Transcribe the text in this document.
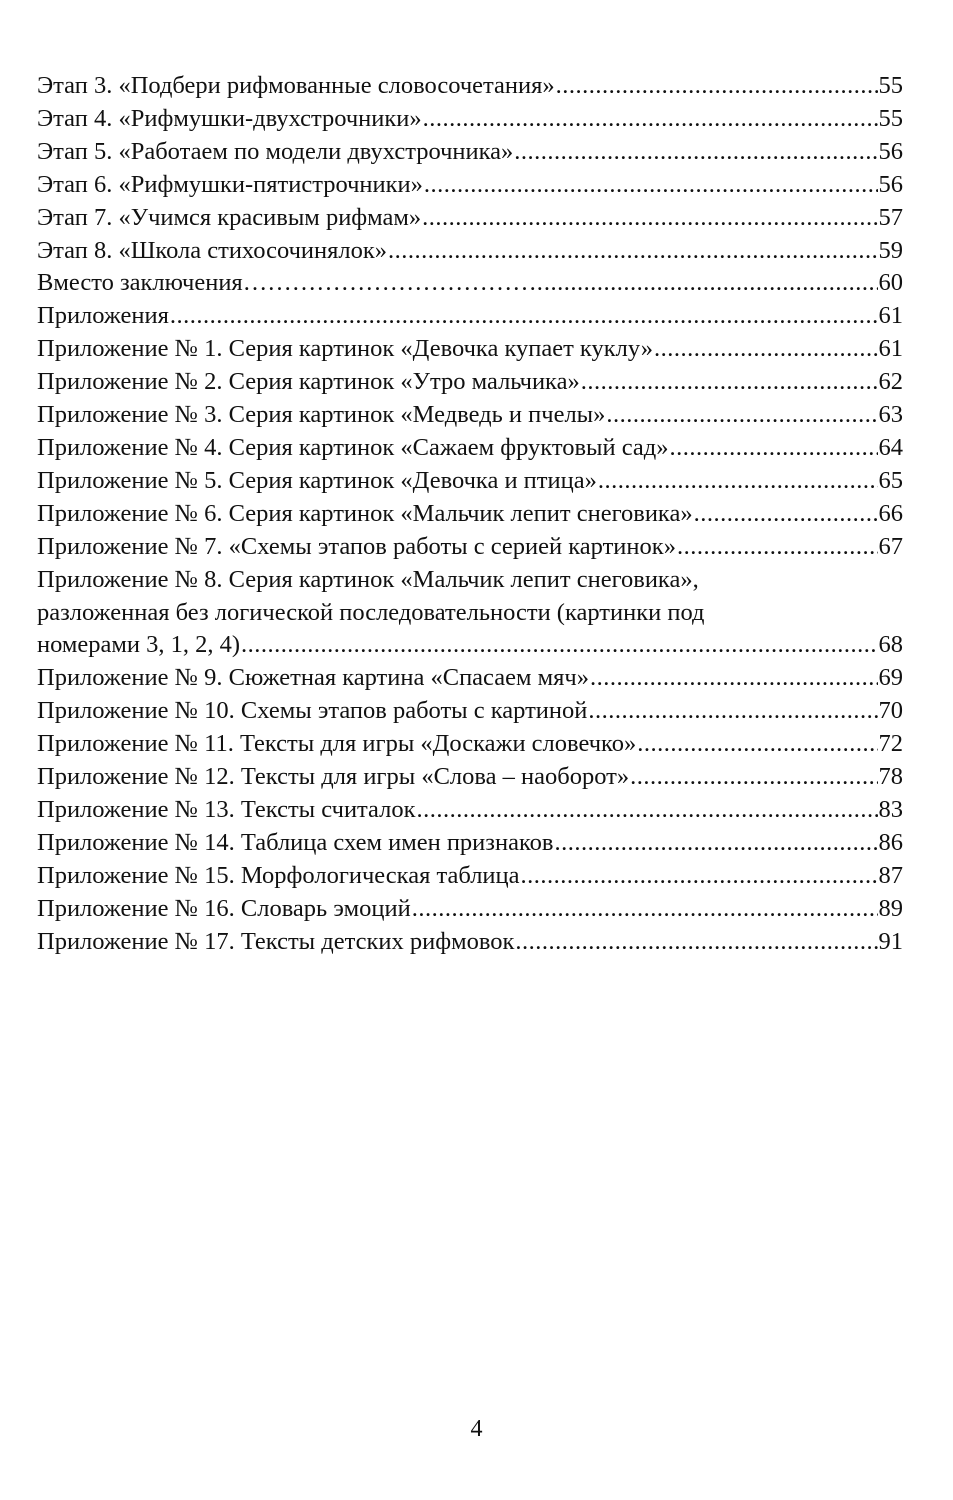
Этап 3. «Подбери рифмованные словосочетания» .....	55
Этап 4. «Рифмушки-двухстрочники» .....	55
Этап 5. «Работаем по модели двухстрочника» .....	56
Этап 6. «Рифмушки-пятистрочники» .....	56
Этап 7. «Учимся красивым рифмам» .....	57
Этап 8. «Школа стихосочинялок» .....	59
Вместо заключения………………………………. .....	60
Приложения .....	61
Приложение № 1. Серия картинок «Девочка купает куклу» .....	61
Приложение № 2. Серия картинок «Утро мальчика» .....	62
Приложение № 3. Серия картинок «Медведь и пчелы» .....	63
Приложение № 4. Серия картинок «Сажаем фруктовый сад» .....	64
Приложение № 5. Серия картинок «Девочка и птица» .....	65
Приложение № 6. Серия картинок «Мальчик лепит снеговика» .....	66
Приложение № 7. «Схемы этапов работы с серией картинок» .....	67
Приложение № 8. Серия картинок «Мальчик лепит снеговика»,
разложенная без логической последовательности (картинки под
номерами 3, 1, 2, 4) .....	68
Приложение № 9. Сюжетная картина «Спасаем мяч» .....	69
Приложение № 10. Схемы этапов работы с картиной .....	70
Приложение № 11. Тексты для игры «Доскажи словечко» .....	72
Приложение № 12. Тексты для игры «Слова – наоборот» .....	78
Приложение № 13. Тексты считалок .....	83
Приложение № 14. Таблица схем имен признаков .....	86
Приложение № 15. Морфологическая таблица .....	87
Приложение № 16. Словарь эмоций .....	89
Приложение № 17. Тексты детских рифмовок .....	91
4
